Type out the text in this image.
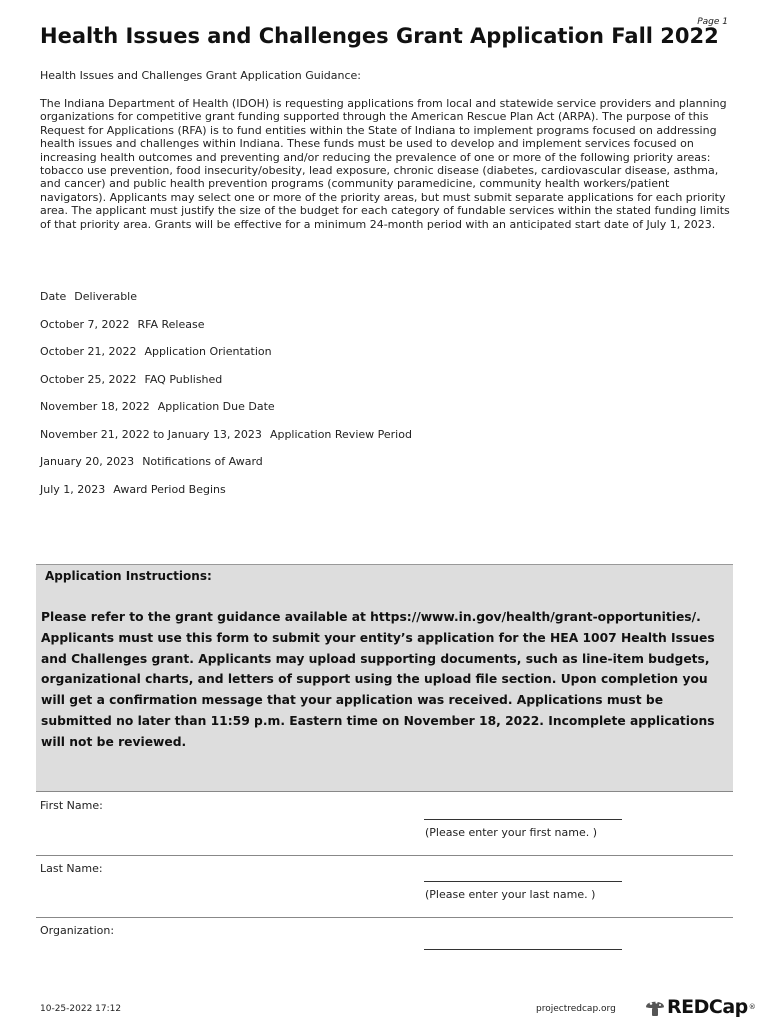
Page 1
Health Issues and Challenges Grant Application Fall 2022
Health Issues and Challenges Grant Application Guidance:

The Indiana Department of Health (IDOH) is requesting applications from local and statewide service providers and planning organizations for competitive grant funding supported through the American Rescue Plan Act (ARPA). The purpose of this Request for Applications (RFA) is to fund entities within the State of Indiana to implement programs focused on addressing health issues and challenges within Indiana. These funds must be used to develop and implement services focused on increasing health outcomes and preventing and/or reducing the prevalence of one or more of the following priority areas: tobacco use prevention, food insecurity/obesity, lead exposure, chronic disease (diabetes, cardiovascular disease, asthma, and cancer) and public health prevention programs (community paramedicine, community health workers/patient navigators). Applicants may select one or more of the priority areas, but must submit separate applications for each priority area. The applicant must justify the size of the budget for each category of fundable services within the stated funding limits of that priority area. Grants will be effective for a minimum 24-month period with an anticipated start date of July 1, 2023.

Date Deliverable
October 7, 2022 RFA Release
October 21, 2022 Application Orientation
October 25, 2022 FAQ Published
November 18, 2022 Application Due Date
November 21, 2022 to January 13, 2023 Application Review Period
January 20, 2023 Notifications of Award
July 1, 2023 Award Period Begins
Application Instructions:

Please refer to the grant guidance available at https://www.in.gov/health/grant-opportunities/. Applicants must use this form to submit your entity’s application for the HEA 1007 Health Issues and Challenges grant. Applicants may upload supporting documents, such as line-item budgets, organizational charts, and letters of support using the upload file section. Upon completion you will get a confirmation message that your application was received. Applications must be submitted no later than 11:59 p.m. Eastern time on November 18, 2022. Incomplete applications will not be reviewed.

First Name:
(Please enter your first name. )
Last Name:
(Please enter your last name. )
Organization:
10-25-2022 17:12	projectredcap.org	REDCap ®
